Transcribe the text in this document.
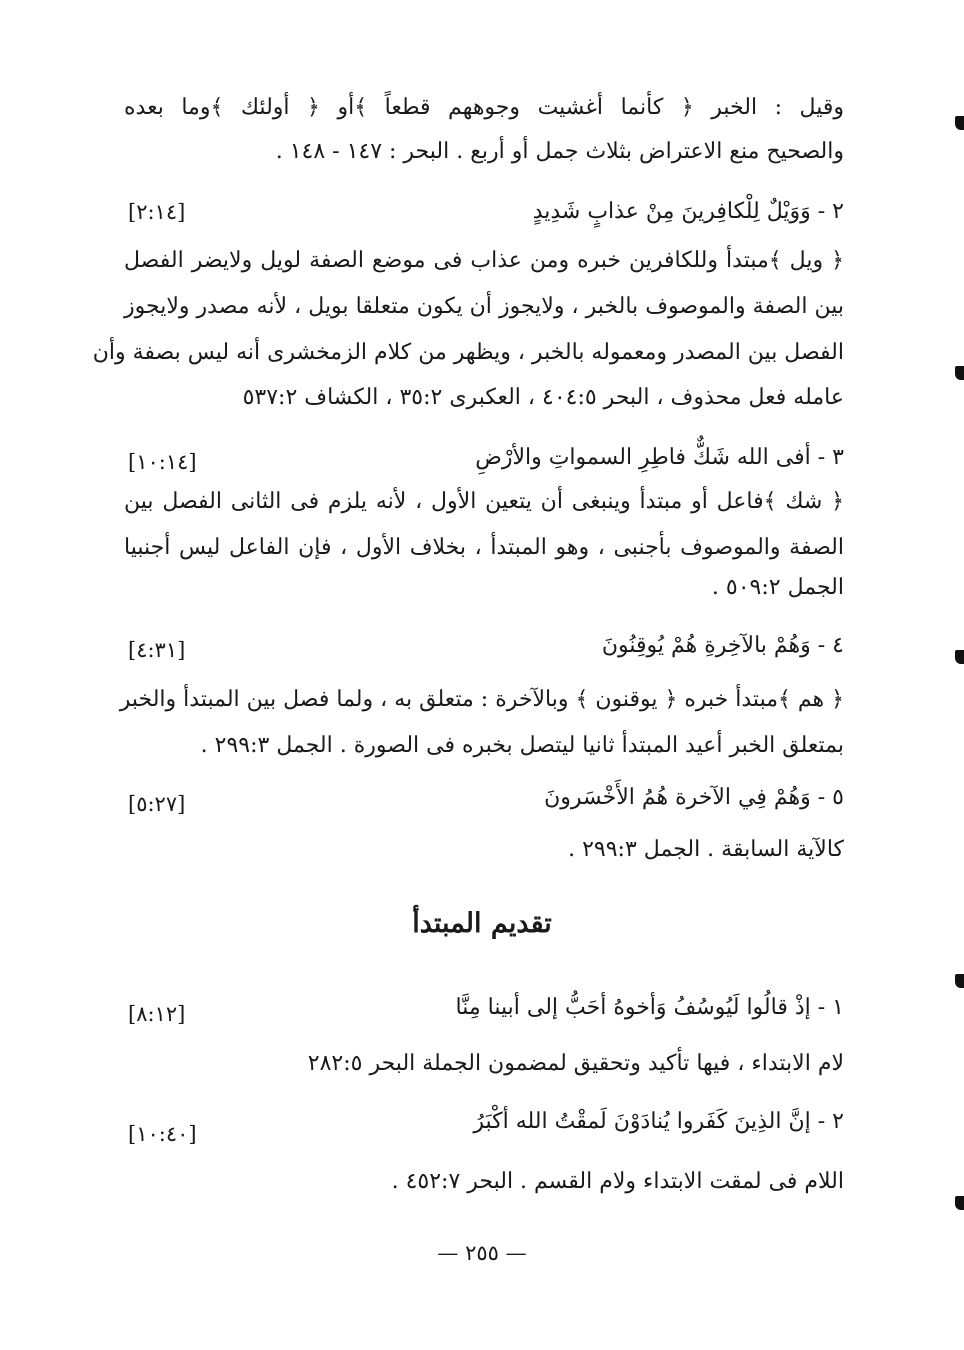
وقيل : الخبر ﴿ كأنما أغشيت وجوههم قطعاً ﴾أو ﴿ أولئك ﴾وما بعده
والصحيح منع الاعتراض بثلاث جمل أو أربع . البحر : ١٤٧ - ١٤٨ .
٢ - وَوَيْلٌ لِلْكافِرينَ مِنْ عذابٍ شَدِيدٍ
[٢:١٤]
﴿ ويل ﴾مبتدأ وللكافرين خبره ومن عذاب فى موضع الصفة لويل ولايضر الفصل
بين الصفة والموصوف بالخبر ، ولايجوز أن يكون متعلقا بويل ، لأنه مصدر ولايجوز
الفصل بين المصدر ومعموله بالخبر ، ويظهر من كلام الزمخشرى أنه ليس بصفة وأن
عامله فعل محذوف ، البحر ٤٠٤:٥ ، العكبرى ٣٥:٢ ، الكشاف ٥٣٧:٢
٣ - أفى الله شَكٌّ فاطِرِ السمواتِ والأرْضِ
[١٠:١٤]
﴿ شك ﴾فاعل أو مبتدأ وينبغى أن يتعين الأول ، لأنه يلزم فى الثانى الفصل بين
الصفة والموصوف بأجنبى ، وهو المبتدأ ، بخلاف الأول ، فإن الفاعل ليس أجنبيا
الجمل ٥٠٩:٢ .
٤ - وَهُمْ بالآخِرةِ هُمْ يُوقِنُونَ
[٤:٣١]
﴿ هم ﴾مبتدأ خبره ﴿ يوقنون ﴾ وبالآخرة : متعلق به ، ولما فصل بين المبتدأ والخبر
بمتعلق الخبر أعيد المبتدأ ثانيا ليتصل بخبره فى الصورة . الجمل ٢٩٩:٣ .
٥ - وَهُمْ فِي الآخرة هُمُ الأَخْسَرونَ
[٥:٢٧]
كالآية السابقة . الجمل ٢٩٩:٣ .
تقديم المبتدأ
١ - إذْ قالُوا لَيُوسُفُ وَأخوهُ أحَبُّ إلى أبينا مِنَّا
[٨:١٢]
لام الابتداء ، فيها تأكيد وتحقيق لمضمون الجملة البحر ٢٨٢:٥
٢ - إنَّ الذِينَ كَفَروا يُنادَوْنَ لَمقْتُ الله أكْبَرُ
[١٠:٤٠]
اللام فى لمقت الابتداء ولام القسم . البحر ٤٥٢:٧ .
— ٢٥٥ —
